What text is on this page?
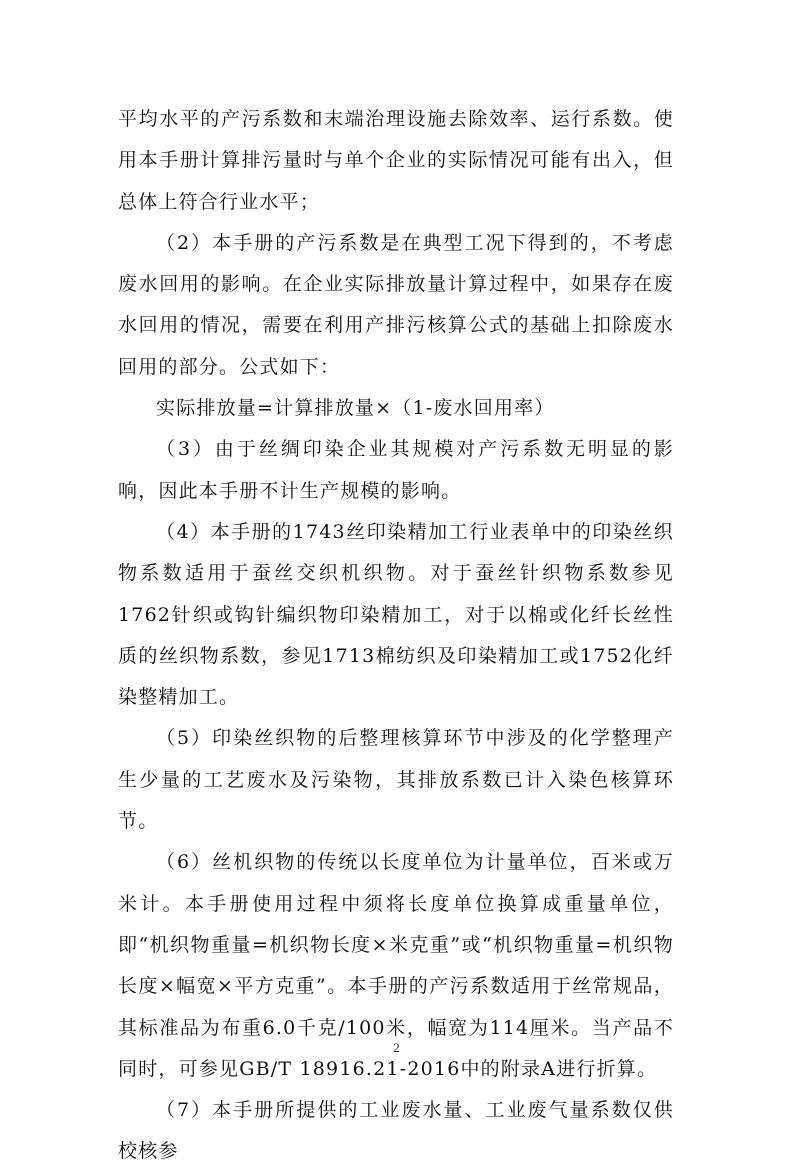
平均水平的产污系数和末端治理设施去除效率、运行系数。使用本手册计算排污量时与单个企业的实际情况可能有出入，但总体上符合行业水平；

（2）本手册的产污系数是在典型工况下得到的，不考虑废水回用的影响。在企业实际排放量计算过程中，如果存在废水回用的情况，需要在利用产排污核算公式的基础上扣除废水回用的部分。公式如下：

实际排放量=计算排放量×（1-废水回用率）

（3）由于丝绸印染企业其规模对产污系数无明显的影响，因此本手册不计生产规模的影响。

（4）本手册的1743丝印染精加工行业表单中的印染丝织物系数适用于蚕丝交织机织物。对于蚕丝针织物系数参见1762针织或钩针编织物印染精加工，对于以棉或化纤长丝性质的丝织物系数，参见1713棉纺织及印染精加工或1752化纤染整精加工。

（5）印染丝织物的后整理核算环节中涉及的化学整理产生少量的工艺废水及污染物，其排放系数已计入染色核算环节。

（6）丝机织物的传统以长度单位为计量单位，百米或万米计。本手册使用过程中须将长度单位换算成重量单位，即“机织物重量=机织物长度×米克重”或“机织物重量=机织物长度×幅宽×平方克重”。本手册的产污系数适用于丝常规品，其标准品为布重6.0千克/100米，幅宽为114厘米。当产品不同时，可参见GB/T 18916.21-2016中的附录A进行折算。

（7）本手册所提供的工业废水量、工业废气量系数仅供校核参

2
